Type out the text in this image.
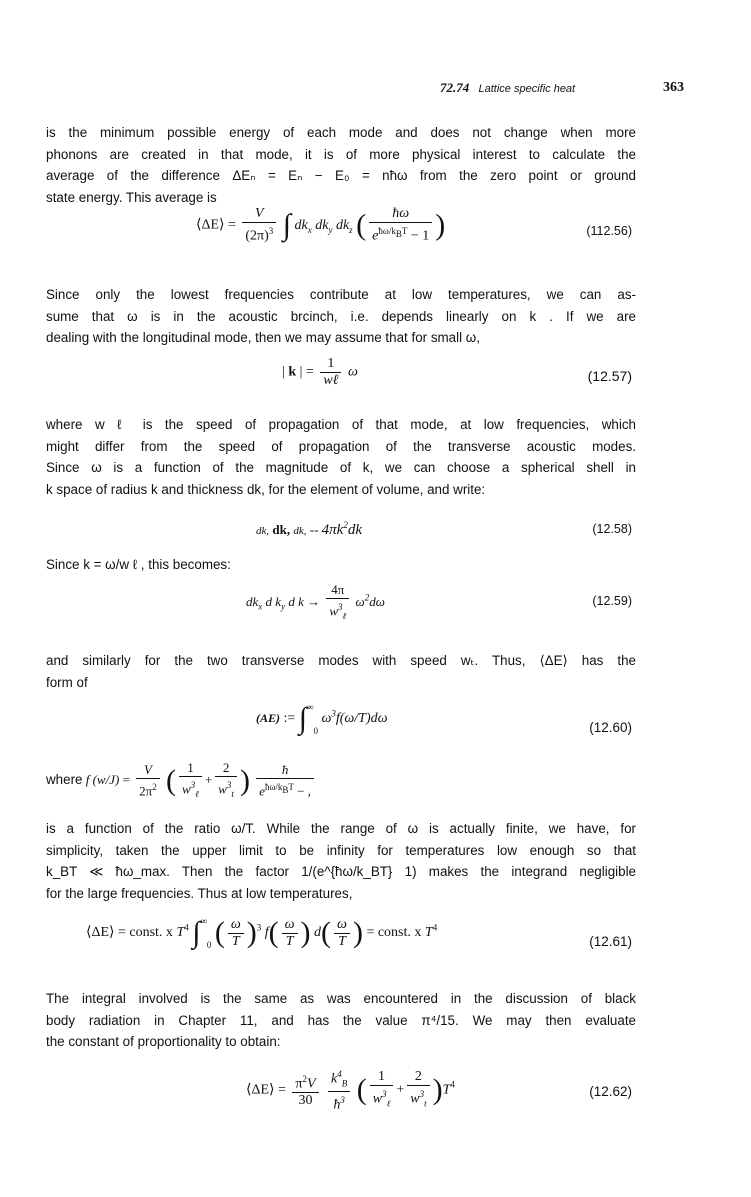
72.74 Lattice specific heat	363
is the minimum possible energy of each mode and does not change when more
phonons are created in that mode, it is of more physical interest to calculate the
average of the difference ΔEₙ = Eₙ − E₀ = nħω from the zero point or ground
state energy. This average is
⟨ΔE⟩ = $\frac{V}{(2\pi)^3}$ ∫ $dk_x$ $dk_y$ $dk_z$ ( $\frac{ħ\omega}{e^{ħ\omega/k_BT} - 1}$ )	(112.56)
Since only the lowest frequencies contribute at low temperatures, we can as-
sume that ω is in the acoustic brcinch, i.e. depends linearly on k . If we are
dealing with the longitudinal mode, then we may assume that for small ω,
| k | = $\frac{1}{\text{wℓ}}$ ω	(12.57)
where w ℓ is the speed of propagation of that mode, at low frequencies, which
might differ from the speed of propagation of the transverse acoustic modes.
Since ω is a function of the magnitude of k, we can choose a spherical shell in
k space of radius k and thickness dk, for the element of volume, and write:
dk, dk, dk, -- $4\pi k^2dk$	(12.58)
Since k = ω/w ℓ , this becomes:
$dk_x$ d $k_y$ d $k \to \frac{4\pi}{w^3_\ell} \omega^2d\omega$	(12.59)
and similarly for the two transverse modes with speed wₜ. Thus, ⟨ΔE⟩ has the
form of
(AE) := ∫∞0 $\omega^3f(\omega/T)d\omega$
(12.60)
where f $(w/J) = \frac{V}{2\pi^2}$ ( $\frac{1}{w^3_\ell} + \frac{2}{w^3_t}$ ) $\frac{ħ}{e^{ħ\omega/k_BT} - ,}$
is a function of the ratio ω/T. While the range of ω is actually finite, we have, for
simplicity, taken the upper limit to be infinity for temperatures low enough so that
k_BT ≪ ħω_max. Then the factor 1/(e^{ħω/k_BT} 1) makes the integrand negligible
for the large frequencies. Thus at low temperatures,
⟨ΔE⟩ = const. x $T^4$ ∫∞0 ( $\frac{\omega}{T} )^3$ $f( \frac{\omega}{T}$ ) $d( \frac{\omega}{T}$ ) = const. x $T^4$
(12.61)
The integral involved is the same as was encountered in the discussion of black
body radiation in Chapter 11, and has the value π⁴/15. We may then evaluate
the constant of proportionality to obtain:
⟨ΔE⟩ = $\frac{\pi^2V}{30}$
$\frac{k^4_B}{ħ^3}$ ( $\frac{1}{w^3_\ell} + \frac{2}{w^3_t} )T^4$	(12.62)
